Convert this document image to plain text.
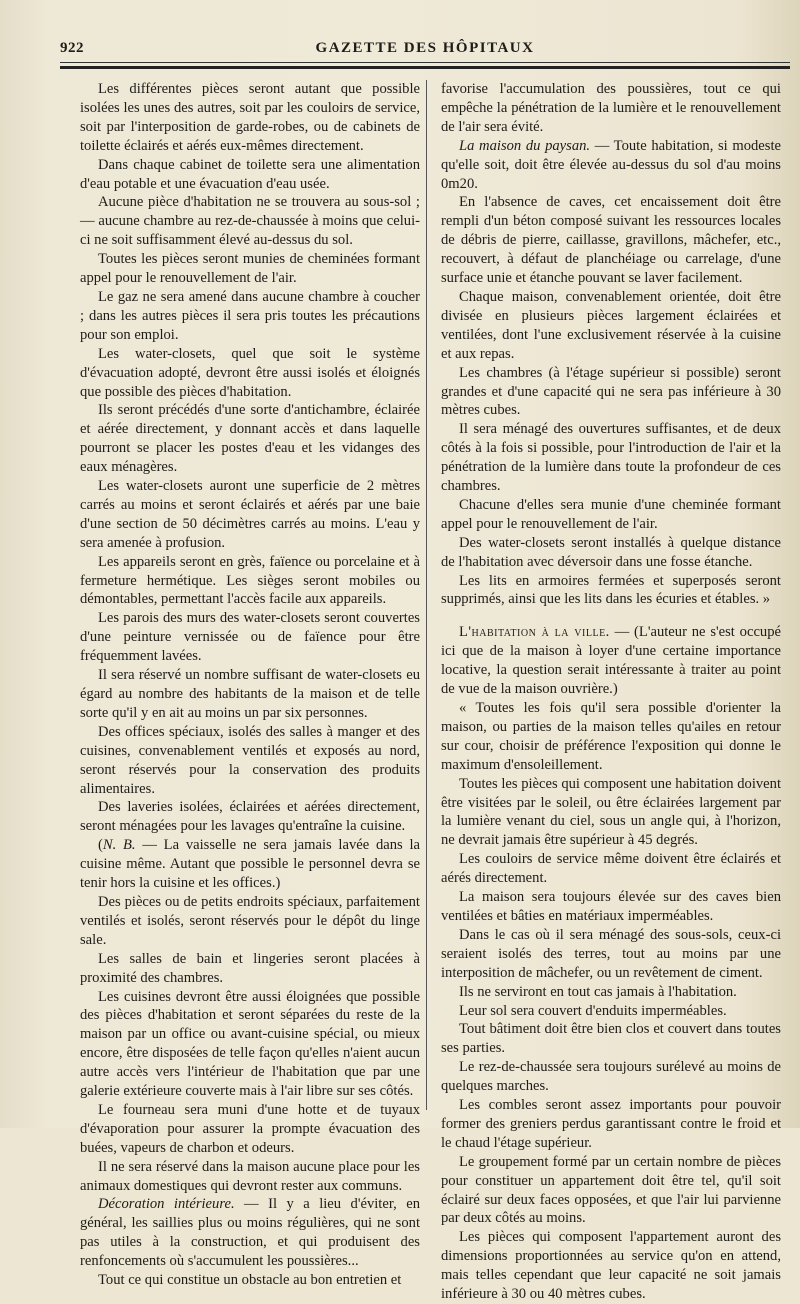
922	GAZETTE DES HÔPITAUX

Les différentes pièces seront autant que possible isolées les unes des autres, soit par les couloirs de service, soit par l'interposition de garde-robes, ou de cabinets de toilette éclairés et aérés eux-mêmes directement.

Dans chaque cabinet de toilette sera une alimentation d'eau potable et une évacuation d'eau usée.

Aucune pièce d'habitation ne se trouvera au sous-sol ; — aucune chambre au rez-de-chaussée à moins que celui-ci ne soit suffisamment élevé au-dessus du sol.

Toutes les pièces seront munies de cheminées formant appel pour le renouvellement de l'air.

Le gaz ne sera amené dans aucune chambre à coucher ; dans les autres pièces il sera pris toutes les précautions pour son emploi.

Les water-closets, quel que soit le système d'évacuation adopté, devront être aussi isolés et éloignés que possible des pièces d'habitation.

Ils seront précédés d'une sorte d'antichambre, éclairée et aérée directement, y donnant accès et dans laquelle pourront se placer les postes d'eau et les vidanges des eaux ménagères.

Les water-closets auront une superficie de 2 mètres carrés au moins et seront éclairés et aérés par une baie d'une section de 50 décimètres carrés au moins. L'eau y sera amenée à profusion.

Les appareils seront en grès, faïence ou porcelaine et à fermeture hermétique. Les sièges seront mobiles ou démontables, permettant l'accès facile aux appareils.

Les parois des murs des water-closets seront couvertes d'une peinture vernissée ou de faïence pour être fréquemment lavées.

Il sera réservé un nombre suffisant de water-closets eu égard au nombre des habitants de la maison et de telle sorte qu'il y en ait au moins un par six personnes.

Des offices spéciaux, isolés des salles à manger et des cuisines, convenablement ventilés et exposés au nord, seront réservés pour la conservation des produits alimentaires.

Des laveries isolées, éclairées et aérées directement, seront ménagées pour les lavages qu'entraîne la cuisine.

(N. B. — La vaisselle ne sera jamais lavée dans la cuisine même. Autant que possible le personnel devra se tenir hors la cuisine et les offices.)

Des pièces ou de petits endroits spéciaux, parfaitement ventilés et isolés, seront réservés pour le dépôt du linge sale.

Les salles de bain et lingeries seront placées à proximité des chambres.

Les cuisines devront être aussi éloignées que possible des pièces d'habitation et seront séparées du reste de la maison par un office ou avant-cuisine spécial, ou mieux encore, être disposées de telle façon qu'elles n'aient aucun autre accès vers l'intérieur de l'habitation que par une galerie extérieure couverte mais à l'air libre sur ses côtés.

Le fourneau sera muni d'une hotte et de tuyaux d'évaporation pour assurer la prompte évacuation des buées, vapeurs de charbon et odeurs.

Il ne sera réservé dans la maison aucune place pour les animaux domestiques qui devront rester aux communs.

Décoration intérieure. — Il y a lieu d'éviter, en général, les saillies plus ou moins régulières, qui ne sont pas utiles à la construction, et qui produisent des renfoncements où s'accumulent les poussières...

Tout ce qui constitue un obstacle au bon entretien et

favorise l'accumulation des poussières, tout ce qui empêche la pénétration de la lumière et le renouvellement de l'air sera évité.

La maison du paysan. — Toute habitation, si modeste qu'elle soit, doit être élevée au-dessus du sol d'au moins 0m20.

En l'absence de caves, cet encaissement doit être rempli d'un béton composé suivant les ressources locales de débris de pierre, caillasse, gravillons, mâchefer, etc., recouvert, à défaut de planchéiage ou carrelage, d'une surface unie et étanche pouvant se laver facilement.

Chaque maison, convenablement orientée, doit être divisée en plusieurs pièces largement éclairées et ventilées, dont l'une exclusivement réservée à la cuisine et aux repas.

Les chambres (à l'étage supérieur si possible) seront grandes et d'une capacité qui ne sera pas inférieure à 30 mètres cubes.

Il sera ménagé des ouvertures suffisantes, et de deux côtés à la fois si possible, pour l'introduction de l'air et la pénétration de la lumière dans toute la profondeur de ces chambres.

Chacune d'elles sera munie d'une cheminée formant appel pour le renouvellement de l'air.

Des water-closets seront installés à quelque distance de l'habitation avec déversoir dans une fosse étanche.

Les lits en armoires fermées et superposés seront supprimés, ainsi que les lits dans les écuries et étables. »

L'habitation à la ville. — (L'auteur ne s'est occupé ici que de la maison à loyer d'une certaine importance locative, la question serait intéressante à traiter au point de vue de la maison ouvrière.)

« Toutes les fois qu'il sera possible d'orienter la maison, ou parties de la maison telles qu'ailes en retour sur cour, choisir de préférence l'exposition qui donne le maximum d'ensoleillement.

Toutes les pièces qui composent une habitation doivent être visitées par le soleil, ou être éclairées largement par la lumière venant du ciel, sous un angle qui, à l'horizon, ne devrait jamais être supérieur à 45 degrés.

Les couloirs de service même doivent être éclairés et aérés directement.

La maison sera toujours élevée sur des caves bien ventilées et bâties en matériaux imperméables.

Dans le cas où il sera ménagé des sous-sols, ceux-ci seraient isolés des terres, tout au moins par une interposition de mâchefer, ou un revêtement de ciment.

Ils ne serviront en tout cas jamais à l'habitation.

Leur sol sera couvert d'enduits imperméables.

Tout bâtiment doit être bien clos et couvert dans toutes ses parties.

Le rez-de-chaussée sera toujours surélevé au moins de quelques marches.

Les combles seront assez importants pour pouvoir former des greniers perdus garantissant contre le froid et le chaud l'étage supérieur.

Le groupement formé par un certain nombre de pièces pour constituer un appartement doit être tel, qu'il soit éclairé sur deux faces opposées, et que l'air lui parvienne par deux côtés au moins.

Les pièces qui composent l'appartement auront des dimensions proportionnées au service qu'on en attend, mais telles cependant que leur capacité ne soit jamais inférieure à 30 ou 40 mètres cubes.
